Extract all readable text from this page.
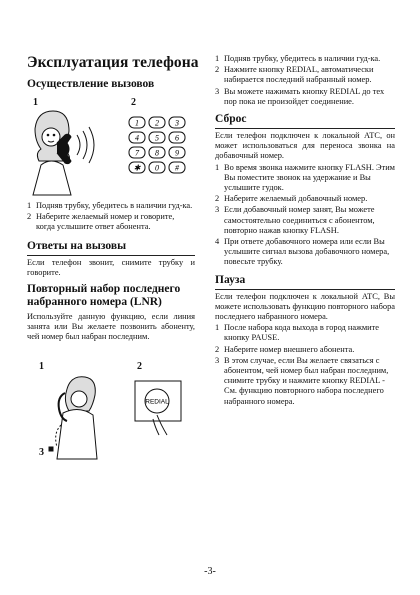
Эксплуатация телефона
Осуществление вызовов
1	2
1 2 3
4 5 6
7 8 9
✱ 0 #
1 Подняв трубку, убедитесь в наличии гуд-ка.
2 Наберите желаемый номер и говорите, когда услышите ответ абонента.
Ответы на вызовы

Если телефон звонит, снимите трубку и говорите.

Повторный набор последнего набранного номера (LNR)

Используйте данную функцию, если линия занята или Вы желаете позвонить абоненту, чей номер был набран последним.

1	2
3
REDIAL
1 Подняв трубку, убедитесь в наличии гуд-ка.
2 Нажмите кнопку REDIAL, автоматически набирается последний набранный номер.
3 Вы можете нажимать кнопку REDIAL до тех пор пока не произойдет соединение.
Сброс

Если телефон подключен к локальной АТС, он может использоваться для переноса звонка на добавочный номер.

1 Во время звонка нажмите кнопку FLASH. Этим Вы поместите звонок на удержание и Вы услышите гудок.
2 Наберите желаемый добавочный номер.
3 Если добавочный номер занят, Вы можете самостоятельно соединиться с абонентом, повторно нажав кнопку FLASH.
4 При ответе добавочного номера или если Вы услышите сигнал вызова добавочного номера, повесьте трубку.
Пауза

Если телефон подключен к локальной АТС, Вы можете использовать функцию повторного набора последнего набранного номера.

1 После набора кода выхода в город нажмите кнопку PAUSE.
2 Наберите номер внешнего абонента.
3 В этом случае, если Вы желаете связаться с абонентом, чей номер был набран последним, снимите трубку и нажмите кнопку REDIAL - См. функцию повторного набора последнего набранного номера.
-3-
